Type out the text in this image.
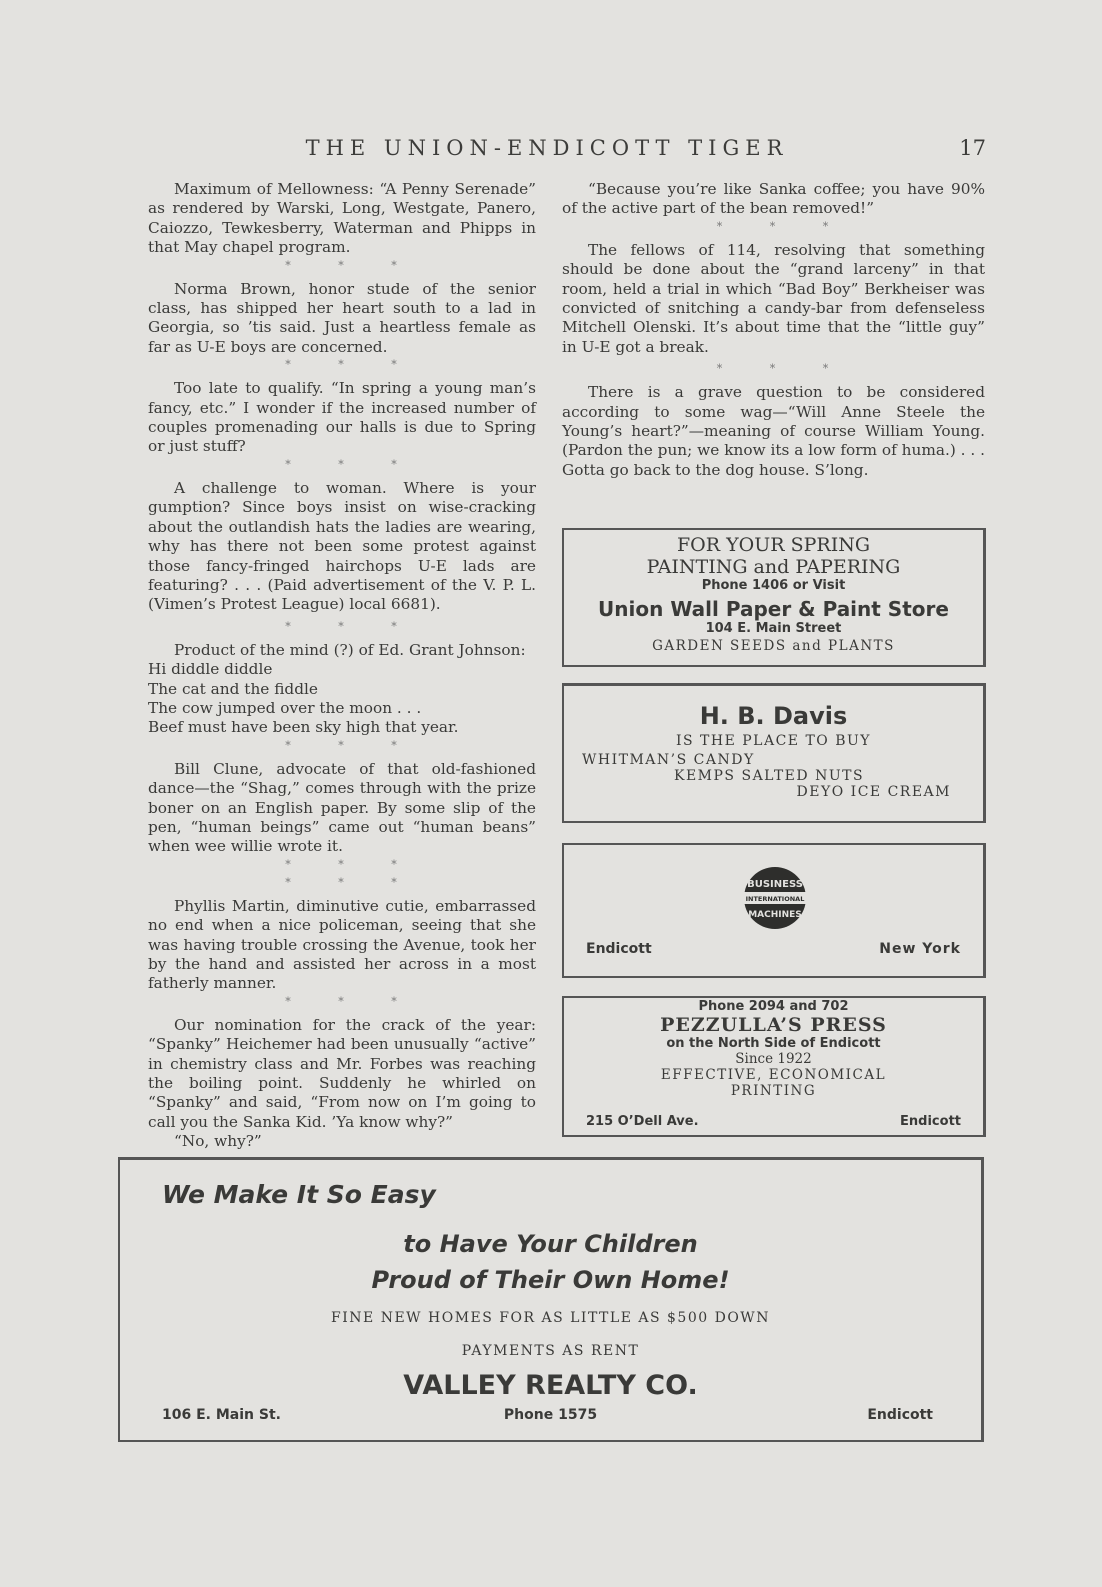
THE UNION-ENDICOTT TIGER	17

Maximum of Mellowness: “A Penny Serenade” as rendered by Warski, Long, Westgate, Panero, Caiozzo, Tewkesberry, Waterman and Phipps in that May chapel program.

* * *

Norma Brown, honor stude of the senior class, has shipped her heart south to a lad in Georgia, so ’tis said. Just a heartless female as far as U-E boys are concerned.

* * *

Too late to qualify. “In spring a young man’s fancy, etc.” I wonder if the increased number of couples promenading our halls is due to Spring or just stuff?

* * *

A challenge to woman. Where is your gumption? Since boys insist on wise-cracking about the outlandish hats the ladies are wearing, why has there not been some protest against those fancy-fringed hairchops U-E lads are featuring? . . . (Paid advertisement of the V. P. L. (Vimen’s Protest League) local 6681).

* * *

Product of the mind (?) of Ed. Grant Johnson:

Hi diddle diddle
The cat and the fiddle
The cow jumped over the moon . . .
Beef must have been sky high that year.
* * *

Bill Clune, advocate of that old-fashioned dance—the “Shag,” comes through with the prize boner on an English paper. By some slip of the pen, “human beings” came out “human beans” when wee willie wrote it.

* * *
* * *

Phyllis Martin, diminutive cutie, embarrassed no end when a nice policeman, seeing that she was having trouble crossing the Avenue, took her by the hand and assisted her across in a most fatherly manner.

* * *

Our nomination for the crack of the year: “Spanky” Heichemer had been unusually “active” in chemistry class and Mr. Forbes was reaching the boiling point. Suddenly he whirled on “Spanky” and said, “From now on I’m going to call you the Sanka Kid. ’Ya know why?”

“No, why?”

“Because you’re like Sanka coffee; you have 90% of the active part of the bean removed!”

* * *

The fellows of 114, resolving that something should be done about the “grand larceny” in that room, held a trial in which “Bad Boy” Berkheiser was convicted of snitching a candy-bar from defenseless Mitchell Olenski. It’s about time that the “little guy” in U-E got a break.

* * *

There is a grave question to be considered according to some wag—“Will Anne Steele the Young’s heart?”—meaning of course William Young. (Pardon the pun; we know its a low form of huma.) . . . Gotta go back to the dog house. S’long.

FOR YOUR SPRING
PAINTING and PAPERING
Phone 1406 or Visit
Union Wall Paper & Paint Store
104 E. Main Street
GARDEN SEEDS and PLANTS
H. B. Davis
IS THE PLACE TO BUY
WHITMAN’S CANDY
KEMPS SALTED NUTS
DEYO ICE CREAM
BUSINESS
INTERNATIONAL
MACHINES
Endicott	New York
Phone 2094 and 702
PEZZULLA’S PRESS
on the North Side of Endicott
Since 1922
EFFECTIVE, ECONOMICAL
PRINTING
215 O’Dell Ave.	Endicott
We Make It So Easy
to Have Your Children
Proud of Their Own Home!
FINE NEW HOMES FOR AS LITTLE AS $500 DOWN
PAYMENTS AS RENT
VALLEY REALTY CO.
106 E. Main St.	Phone 1575	Endicott
